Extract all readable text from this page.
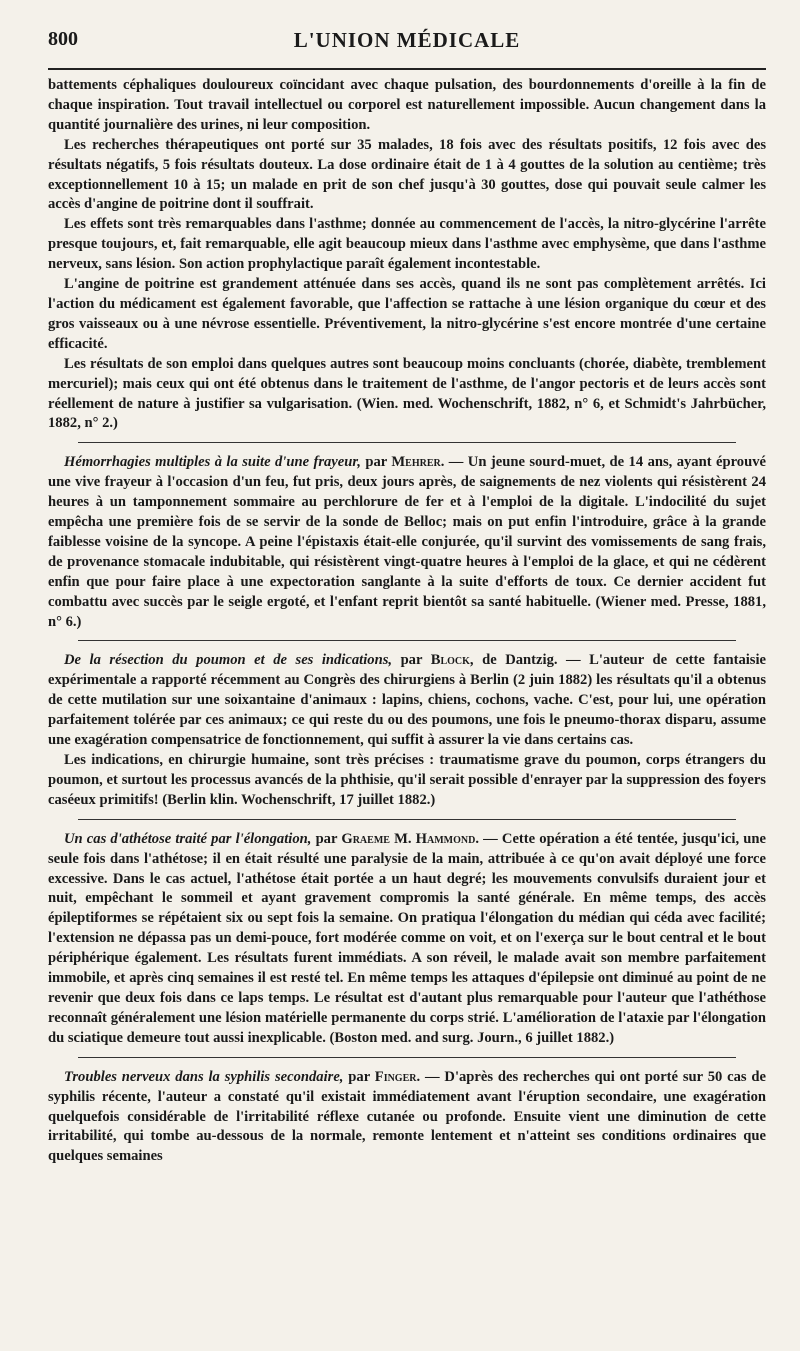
800	L'UNION MÉDICALE

battements céphaliques douloureux coïncidant avec chaque pulsation, des bourdonnements d'oreille à la fin de chaque inspiration. Tout travail intellectuel ou corporel est naturellement impossible. Aucun changement dans la quantité journalière des urines, ni leur composition.

Les recherches thérapeutiques ont porté sur 35 malades, 18 fois avec des résultats positifs, 12 fois avec des résultats négatifs, 5 fois résultats douteux. La dose ordinaire était de 1 à 4 gouttes de la solution au centième; très exceptionnellement 10 à 15; un malade en prit de son chef jusqu'à 30 gouttes, dose qui pouvait seule calmer les accès d'angine de poitrine dont il souffrait.

Les effets sont très remarquables dans l'asthme; donnée au commencement de l'accès, la nitro-glycérine l'arrête presque toujours, et, fait remarquable, elle agit beaucoup mieux dans l'asthme avec emphysème, que dans l'asthme nerveux, sans lésion. Son action prophylactique paraît également incontestable.

L'angine de poitrine est grandement atténuée dans ses accès, quand ils ne sont pas complètement arrêtés. Ici l'action du médicament est également favorable, que l'affection se rattache à une lésion organique du cœur et des gros vaisseaux ou à une névrose essentielle. Préventivement, la nitro-glycérine s'est encore montrée d'une certaine efficacité.

Les résultats de son emploi dans quelques autres sont beaucoup moins concluants (chorée, diabète, tremblement mercuriel); mais ceux qui ont été obtenus dans le traitement de l'asthme, de l'angor pectoris et de leurs accès sont réellement de nature à justifier sa vulgarisation. (Wien. med. Wochenschrift, 1882, n° 6, et Schmidt's Jahrbücher, 1882, n° 2.)

Hémorrhagies multiples à la suite d'une frayeur, par Mehrer. — Un jeune sourd-muet, de 14 ans, ayant éprouvé une vive frayeur à l'occasion d'un feu, fut pris, deux jours après, de saignements de nez violents qui résistèrent 24 heures à un tamponnement sommaire au perchlorure de fer et à l'emploi de la digitale. L'indocilité du sujet empêcha une première fois de se servir de la sonde de Belloc; mais on put enfin l'introduire, grâce à la grande faiblesse voisine de la syncope. A peine l'épistaxis était-elle conjurée, qu'il survint des vomissements de sang frais, de provenance stomacale indubitable, qui résistèrent vingt-quatre heures à l'emploi de la glace, et qui ne cédèrent enfin que pour faire place à une expectoration sanglante à la suite d'efforts de toux. Ce dernier accident fut combattu avec succès par le seigle ergoté, et l'enfant reprit bientôt sa santé habituelle. (Wiener med. Presse, 1881, n° 6.)

De la résection du poumon et de ses indications, par Block, de Dantzig. — L'auteur de cette fantaisie expérimentale a rapporté récemment au Congrès des chirurgiens à Berlin (2 juin 1882) les résultats qu'il a obtenus de cette mutilation sur une soixantaine d'animaux : lapins, chiens, cochons, vache. C'est, pour lui, une opération parfaitement tolérée par ces animaux; ce qui reste du ou des poumons, une fois le pneumo-thorax disparu, assume une exagération compensatrice de fonctionnement, qui suffit à assurer la vie dans certains cas.

Les indications, en chirurgie humaine, sont très précises : traumatisme grave du poumon, corps étrangers du poumon, et surtout les processus avancés de la phthisie, qu'il serait possible d'enrayer par la suppression des foyers caséeux primitifs! (Berlin klin. Wochenschrift, 17 juillet 1882.)

Un cas d'athétose traité par l'élongation, par Graeme M. Hammond. — Cette opération a été tentée, jusqu'ici, une seule fois dans l'athétose; il en était résulté une paralysie de la main, attribuée à ce qu'on avait déployé une force excessive. Dans le cas actuel, l'athétose était portée a un haut degré; les mouvements convulsifs duraient jour et nuit, empêchant le sommeil et ayant gravement compromis la santé générale. En même temps, des accès épileptiformes se répétaient six ou sept fois la semaine. On pratiqua l'élongation du médian qui céda avec facilité; l'extension ne dépassa pas un demi-pouce, fort modérée comme on voit, et on l'exerça sur le bout central et le bout périphérique également. Les résultats furent immédiats. A son réveil, le malade avait son membre parfaitement immobile, et après cinq semaines il est resté tel. En même temps les attaques d'épilepsie ont diminué au point de ne revenir que deux fois dans ce laps temps. Le résultat est d'autant plus remarquable pour l'auteur que l'athéthose reconnaît généralement une lésion matérielle permanente du corps strié. L'amélioration de l'ataxie par l'élongation du sciatique demeure tout aussi inexplicable. (Boston med. and surg. Journ., 6 juillet 1882.)

Troubles nerveux dans la syphilis secondaire, par Finger. — D'après des recherches qui ont porté sur 50 cas de syphilis récente, l'auteur a constaté qu'il existait immédiatement avant l'éruption secondaire, une exagération quelquefois considérable de l'irritabilité réflexe cutanée ou profonde. Ensuite vient une diminution de cette irritabilité, qui tombe au-dessous de la normale, remonte lentement et n'atteint ses conditions ordinaires que quelques semaines
